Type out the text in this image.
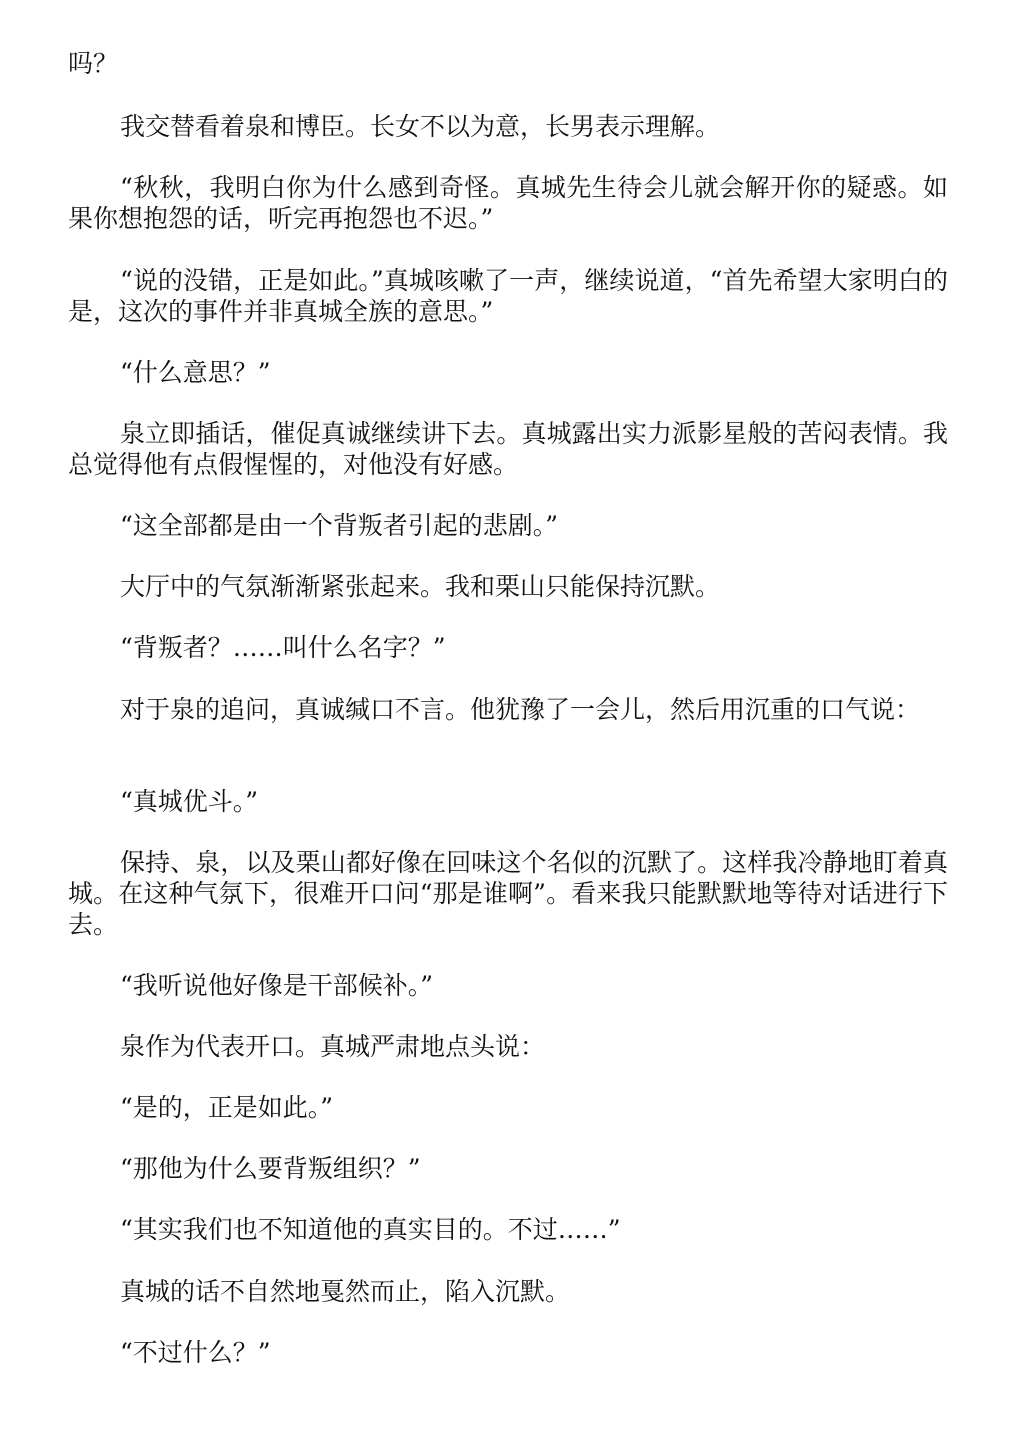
吗？

我交替看着泉和博臣。长女不以为意，长男表示理解。

“秋秋，我明白你为什么感到奇怪。真城先生待会儿就会解开你的疑惑。如果你想抱怨的话，听完再抱怨也不迟。”

“说的没错，正是如此。”真城咳嗽了一声，继续说道，“首先希望大家明白的是，这次的事件并非真城全族的意思。”

“什么意思？”

泉立即插话，催促真诚继续讲下去。真城露出实力派影星般的苦闷表情。我总觉得他有点假惺惺的，对他没有好感。

“这全部都是由一个背叛者引起的悲剧。”

大厅中的气氛渐渐紧张起来。我和栗山只能保持沉默。

“背叛者？……叫什么名字？”

对于泉的追问，真诚缄口不言。他犹豫了一会儿，然后用沉重的口气说：

“真城优斗。”

保持、泉，以及栗山都好像在回味这个名似的沉默了。这样我冷静地盯着真城。在这种气氛下，很难开口问“那是谁啊”。看来我只能默默地等待对话进行下去。

“我听说他好像是干部候补。”

泉作为代表开口。真城严肃地点头说：

“是的，正是如此。”

“那他为什么要背叛组织？”

“其实我们也不知道他的真实目的。不过……”

真城的话不自然地戛然而止，陷入沉默。

“不过什么？”
